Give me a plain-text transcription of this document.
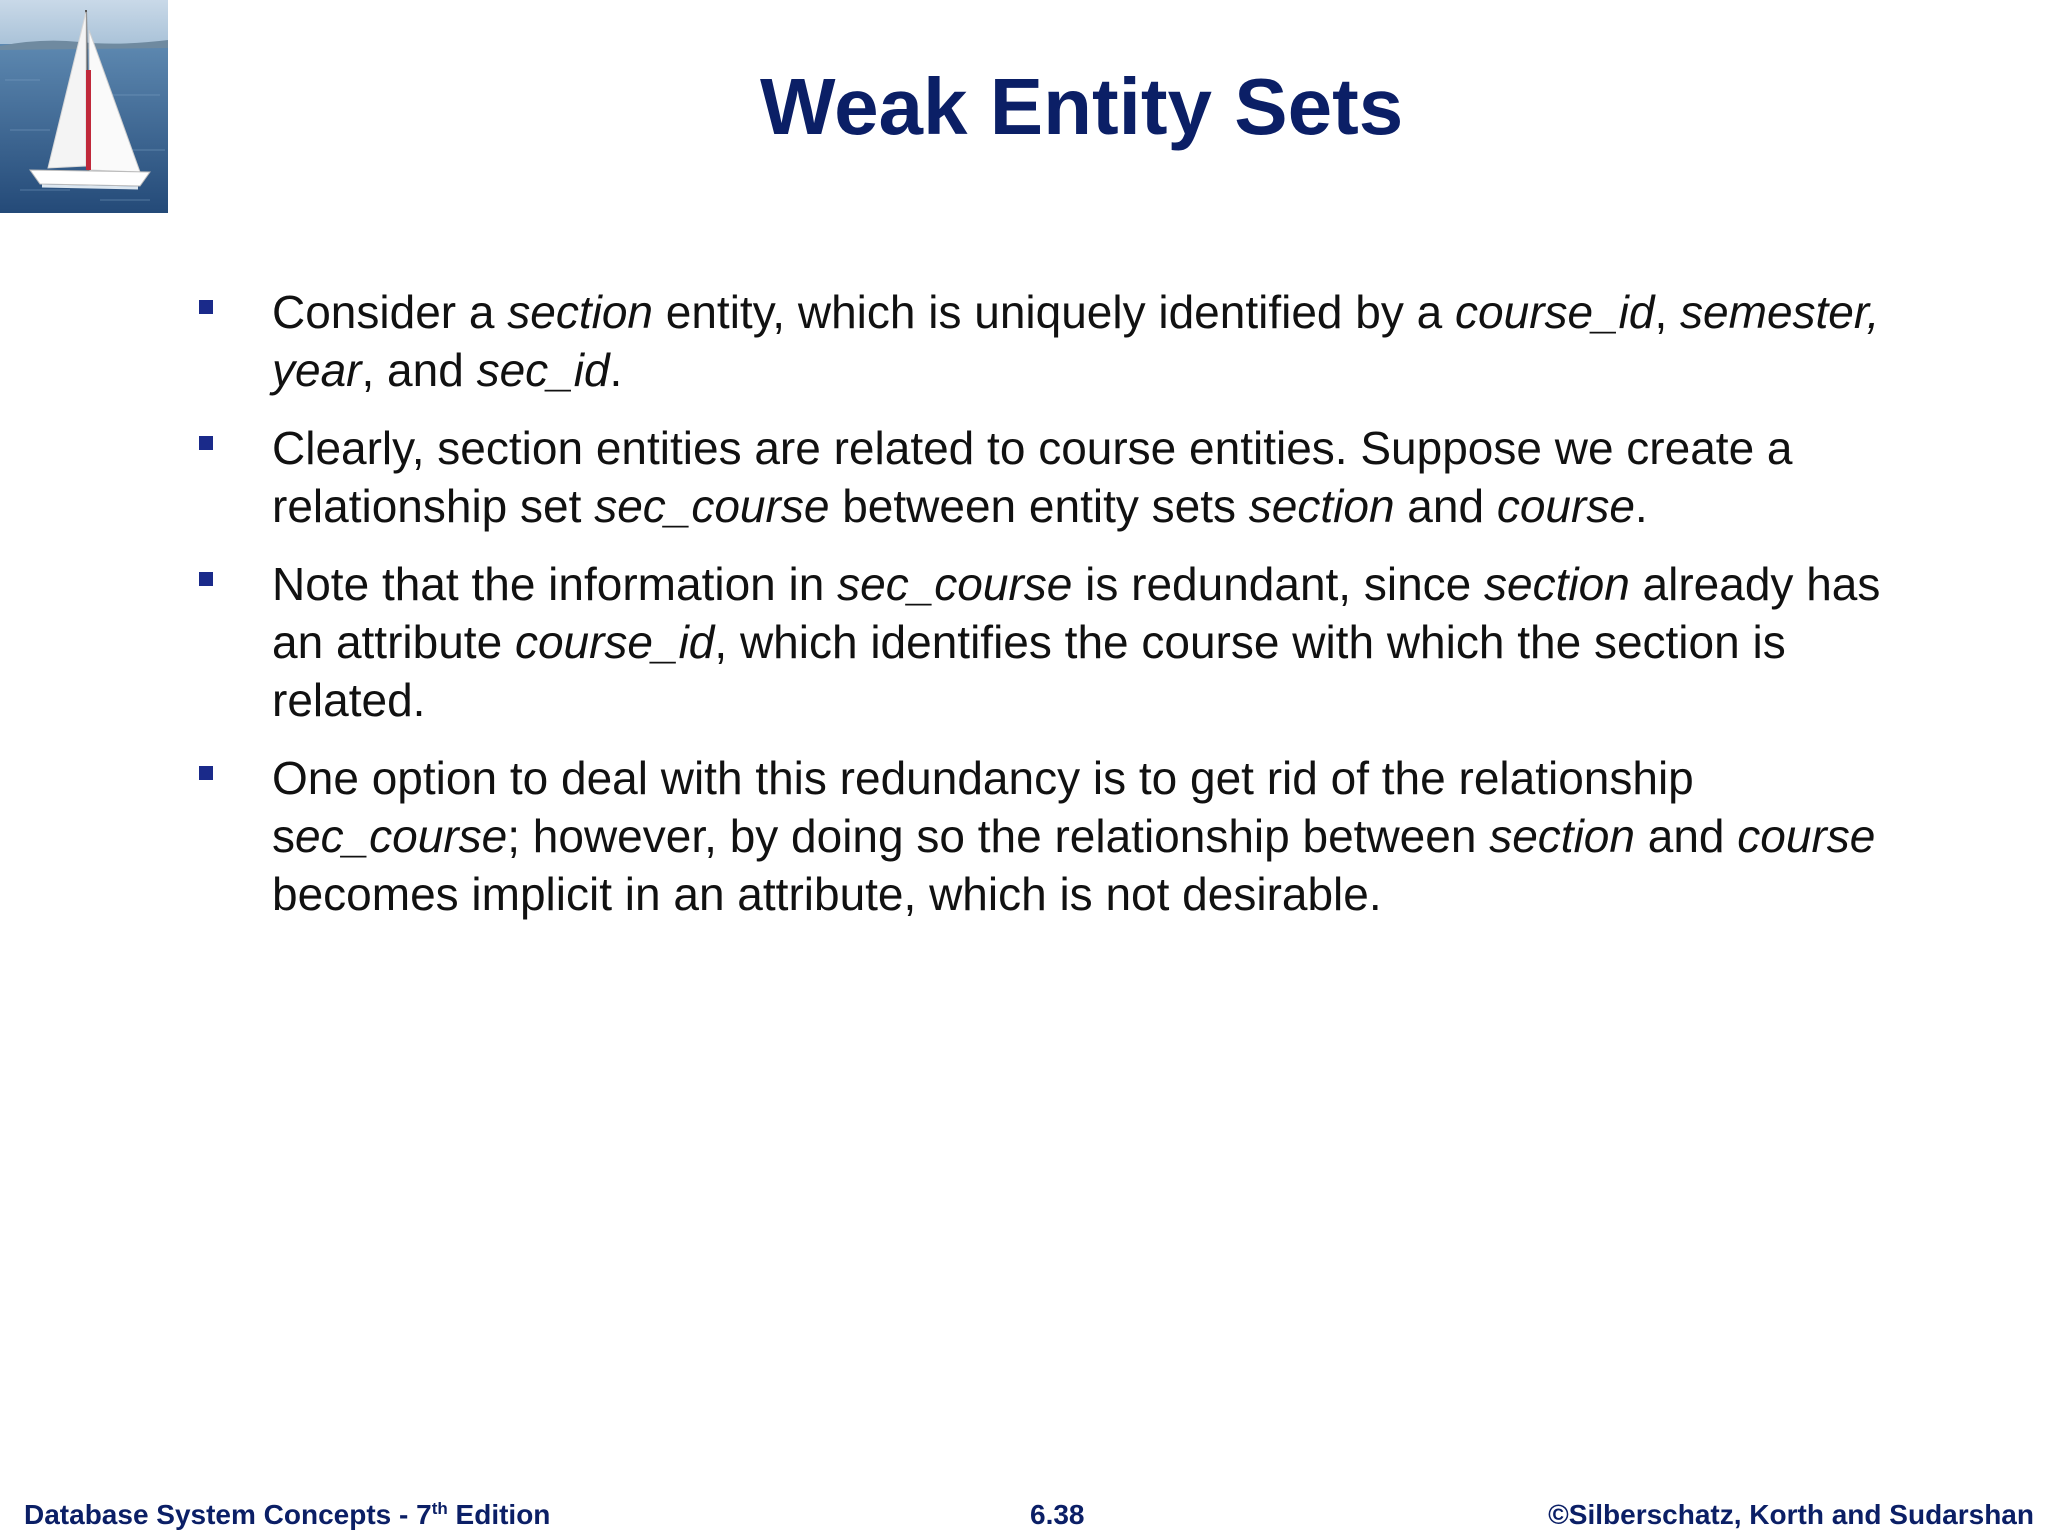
Weak Entity Sets
Consider a section entity, which is uniquely identified by a course_id, semester, year, and sec_id.
Clearly, section entities are related to course entities. Suppose we create a relationship set sec_course between entity sets section and course.
Note that the information in sec_course is redundant, since section already has an attribute course_id, which identifies the course with which the section is related.
One option to deal with this redundancy is to get rid of the relationship sec_course; however, by doing so the relationship between section and course becomes implicit in an attribute, which is not desirable.
Database System Concepts - 7th Edition	6.38	©Silberschatz, Korth and Sudarshan
